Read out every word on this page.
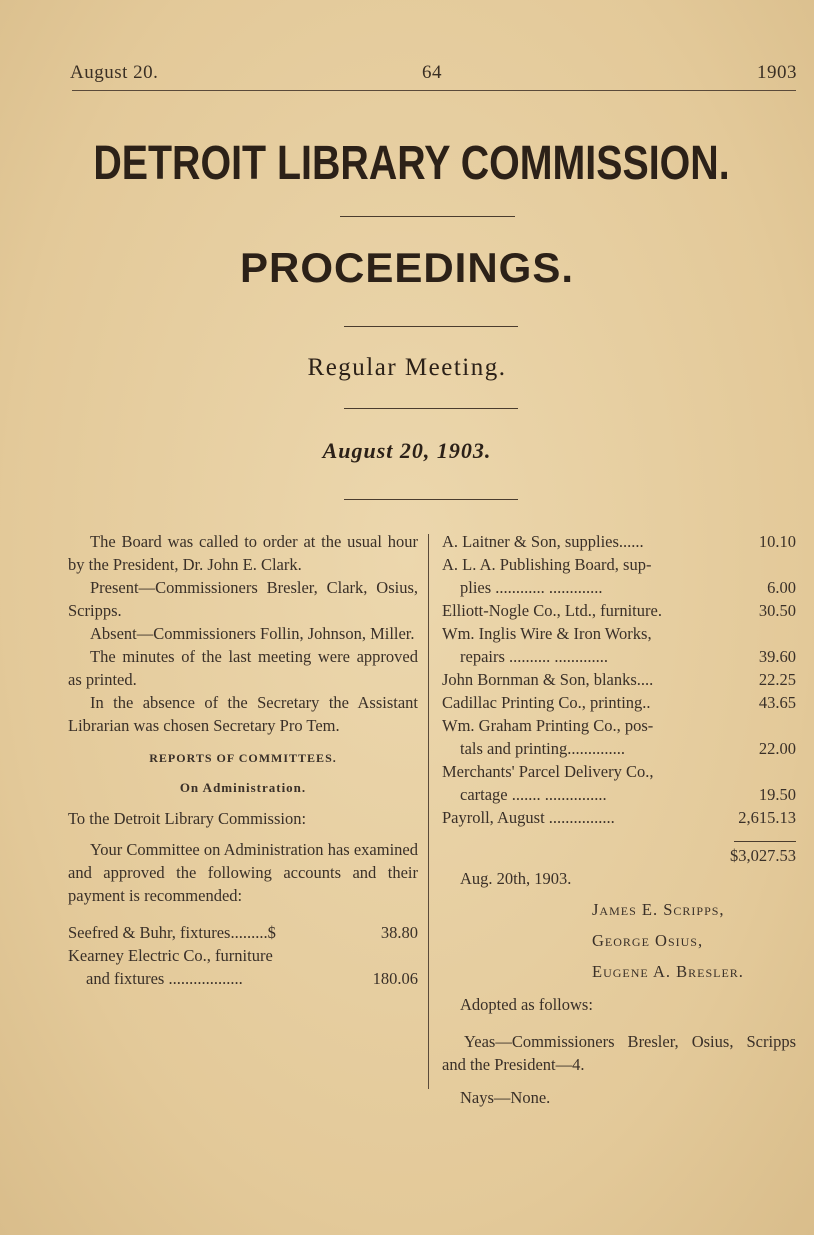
August 20.	64	1903
DETROIT LIBRARY COMMISSION.
PROCEEDINGS.
Regular Meeting.
August 20, 1903.

The Board was called to order at the usual hour by the President, Dr. John E. Clark.

Present—Commissioners Bresler, Clark, Osius, Scripps.

Absent—Commissioners Follin, Johnson, Miller.

The minutes of the last meeting were approved as printed.

In the absence of the Secretary the Assistant Librarian was chosen Secretary Pro Tem.

REPORTS OF COMMITTEES.
On Administration.

To the Detroit Library Commission:

Your Committee on Administration has examined and approved the following accounts and their payment is recommended:

Seefred & Buhr, fixtures.........$	38.80
Kearney Electric Co., furniture
and fixtures ..................	180.06
A. Laitner & Son, supplies......	10.10
A. L. A. Publishing Board, sup-
plies ............ .............	6.00
Elliott-Nogle Co., Ltd., furniture.	30.50
Wm. Inglis Wire & Iron Works,
repairs .......... .............	39.60
John Bornman & Son, blanks....	22.25
Cadillac Printing Co., printing..	43.65
Wm. Graham Printing Co., pos-
tals and printing..............	22.00
Merchants' Parcel Delivery Co.,
cartage ....... ...............	19.50
Payroll, August ................	2,615.13
$3,027.53
Aug. 20th, 1903.
James E. Scripps,
George Osius,
Eugene A. Bresler.
Adopted as follows:

Yeas—Commissioners Bresler, Osius, Scripps and the President—4.

Nays—None.
